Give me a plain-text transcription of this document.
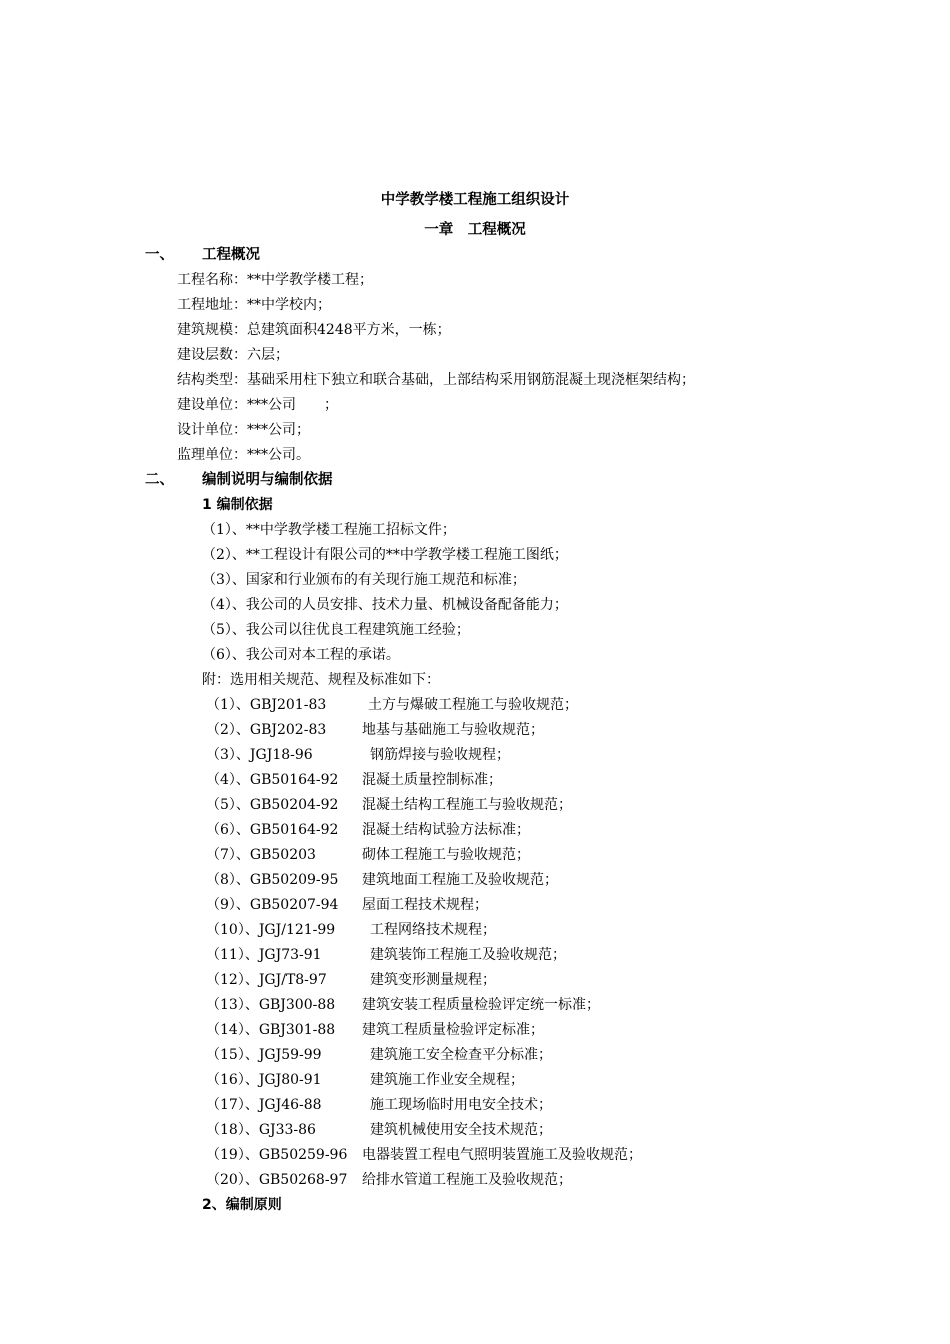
中学教学楼工程施工组织设计
一章　工程概况
一、 工程概况
工程名称：**中学教学楼工程；
工程地址：**中学校内；
建筑规模：总建筑面积4248平方米，一栋；
建设层数：六层；
结构类型：基础采用柱下独立和联合基础，上部结构采用钢筋混凝土现浇框架结构；
建设单位：***公司　　；
设计单位：***公司；
监理单位：***公司。
二、 编制说明与编制依据
1 编制依据
（1）、**中学教学楼工程施工招标文件；
（2）、**工程设计有限公司的**中学教学楼工程施工图纸；
（3）、国家和行业颁布的有关现行施工规范和标准；
（4）、我公司的人员安排、技术力量、机械设备配备能力；
（5）、我公司以往优良工程建筑施工经验；
（6）、我公司对本工程的承诺。
附：选用相关规范、规程及标准如下：
（1）、GBJ201-83	土方与爆破工程施工与验收规范；
（2）、GBJ202-83	地基与基础施工与验收规范；
（3）、JGJ18-96	钢筋焊接与验收规程；
（4）、GB50164-92 混凝土质量控制标准；
（5）、GB50204-92 混凝土结构工程施工与验收规范；
（6）、GB50164-92 混凝土结构试验方法标准；
（7）、GB50203	砌体工程施工与验收规范；
（8）、GB50209-95 建筑地面工程施工及验收规范；
（9）、GB50207-94 屋面工程技术规程；
（10）、JGJ/121-99 工程网络技术规程；
（11）、JGJ73-91	建筑装饰工程施工及验收规范；
（12）、JGJ/T8-97	建筑变形测量规程；
（13）、GBJ300-88 建筑安装工程质量检验评定统一标准；
（14）、GBJ301-88 建筑工程质量检验评定标准；
（15）、JGJ59-99	建筑施工安全检查平分标准；
（16）、JGJ80-91	建筑施工作业安全规程；
（17）、JGJ46-88	施工现场临时用电安全技术；
（18）、GJ33-86	建筑机械使用安全技术规范；
（19）、GB50259-96 电器装置工程电气照明装置施工及验收规范；
（20）、GB50268-97 给排水管道工程施工及验收规范；
2、编制原则
